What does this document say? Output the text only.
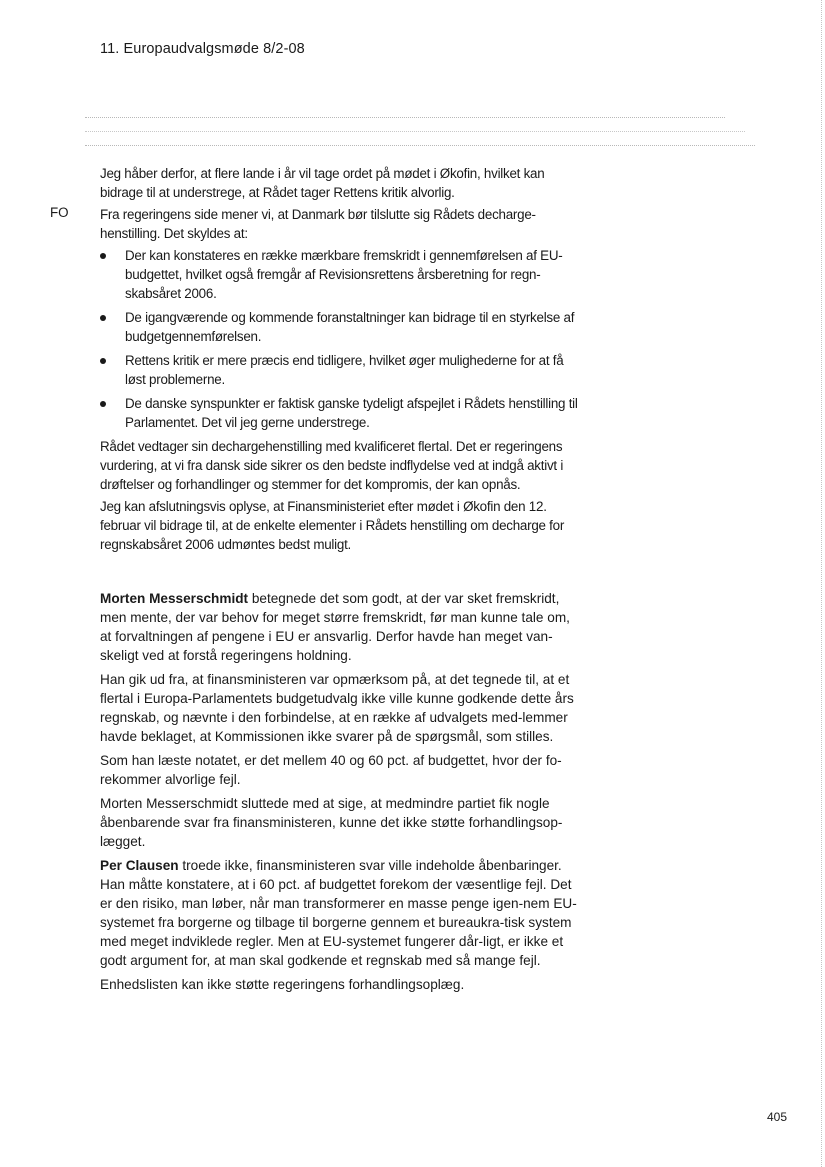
11. Europaudvalgsmøde 8/2-08
FO

Jeg håber derfor, at flere lande i år vil tage ordet på mødet i Økofin, hvilket kan bidrage til at understrege, at Rådet tager Rettens kritik alvorlig.

Fra regeringens side mener vi, at Danmark bør tilslutte sig Rådets decharge-henstilling. Det skyldes at:

Der kan konstateres en række mærkbare fremskridt i gennemførelsen af EU-budgettet, hvilket også fremgår af Revisionsrettens årsberetning for regn-skabsåret 2006.
De igangværende og kommende foranstaltninger kan bidrage til en styrkelse af budgetgennemførelsen.
Rettens kritik er mere præcis end tidligere, hvilket øger mulighederne for at få løst problemerne.
De danske synspunkter er faktisk ganske tydeligt afspejlet i Rådets henstilling til Parlamentet. Det vil jeg gerne understrege.

Rådet vedtager sin dechargehenstilling med kvalificeret flertal. Det er regeringens vurdering, at vi fra dansk side sikrer os den bedste indflydelse ved at indgå aktivt i drøftelser og forhandlinger og stemmer for det kompromis, der kan opnås.

Jeg kan afslutningsvis oplyse, at Finansministeriet efter mødet i Økofin den 12. februar vil bidrage til, at de enkelte elementer i Rådets henstilling om decharge for regnskabsåret 2006 udmøntes bedst muligt.

Morten Messerschmidt betegnede det som godt, at der var sket fremskridt, men mente, der var behov for meget større fremskridt, før man kunne tale om, at forvaltningen af pengene i EU er ansvarlig. Derfor havde han meget van-skeligt ved at forstå regeringens holdning.

Han gik ud fra, at finansministeren var opmærksom på, at det tegnede til, at et flertal i Europa-Parlamentets budgetudvalg ikke ville kunne godkende dette års regnskab, og nævnte i den forbindelse, at en række af udvalgets med-lemmer havde beklaget, at Kommissionen ikke svarer på de spørgsmål, som stilles.

Som han læste notatet, er det mellem 40 og 60 pct. af budgettet, hvor der fo-rekommer alvorlige fejl.

Morten Messerschmidt sluttede med at sige, at medmindre partiet fik nogle åbenbarende svar fra finansministeren, kunne det ikke støtte forhandlingsop-lægget.

Per Clausen troede ikke, finansministeren svar ville indeholde åbenbaringer. Han måtte konstatere, at i 60 pct. af budgettet forekom der væsentlige fejl. Det er den risiko, man løber, når man transformerer en masse penge igen-nem EU-systemet fra borgerne og tilbage til borgerne gennem et bureaukra-tisk system med meget indviklede regler. Men at EU-systemet fungerer dår-ligt, er ikke et godt argument for, at man skal godkende et regnskab med så mange fejl.

Enhedslisten kan ikke støtte regeringens forhandlingsoplæg.

405
